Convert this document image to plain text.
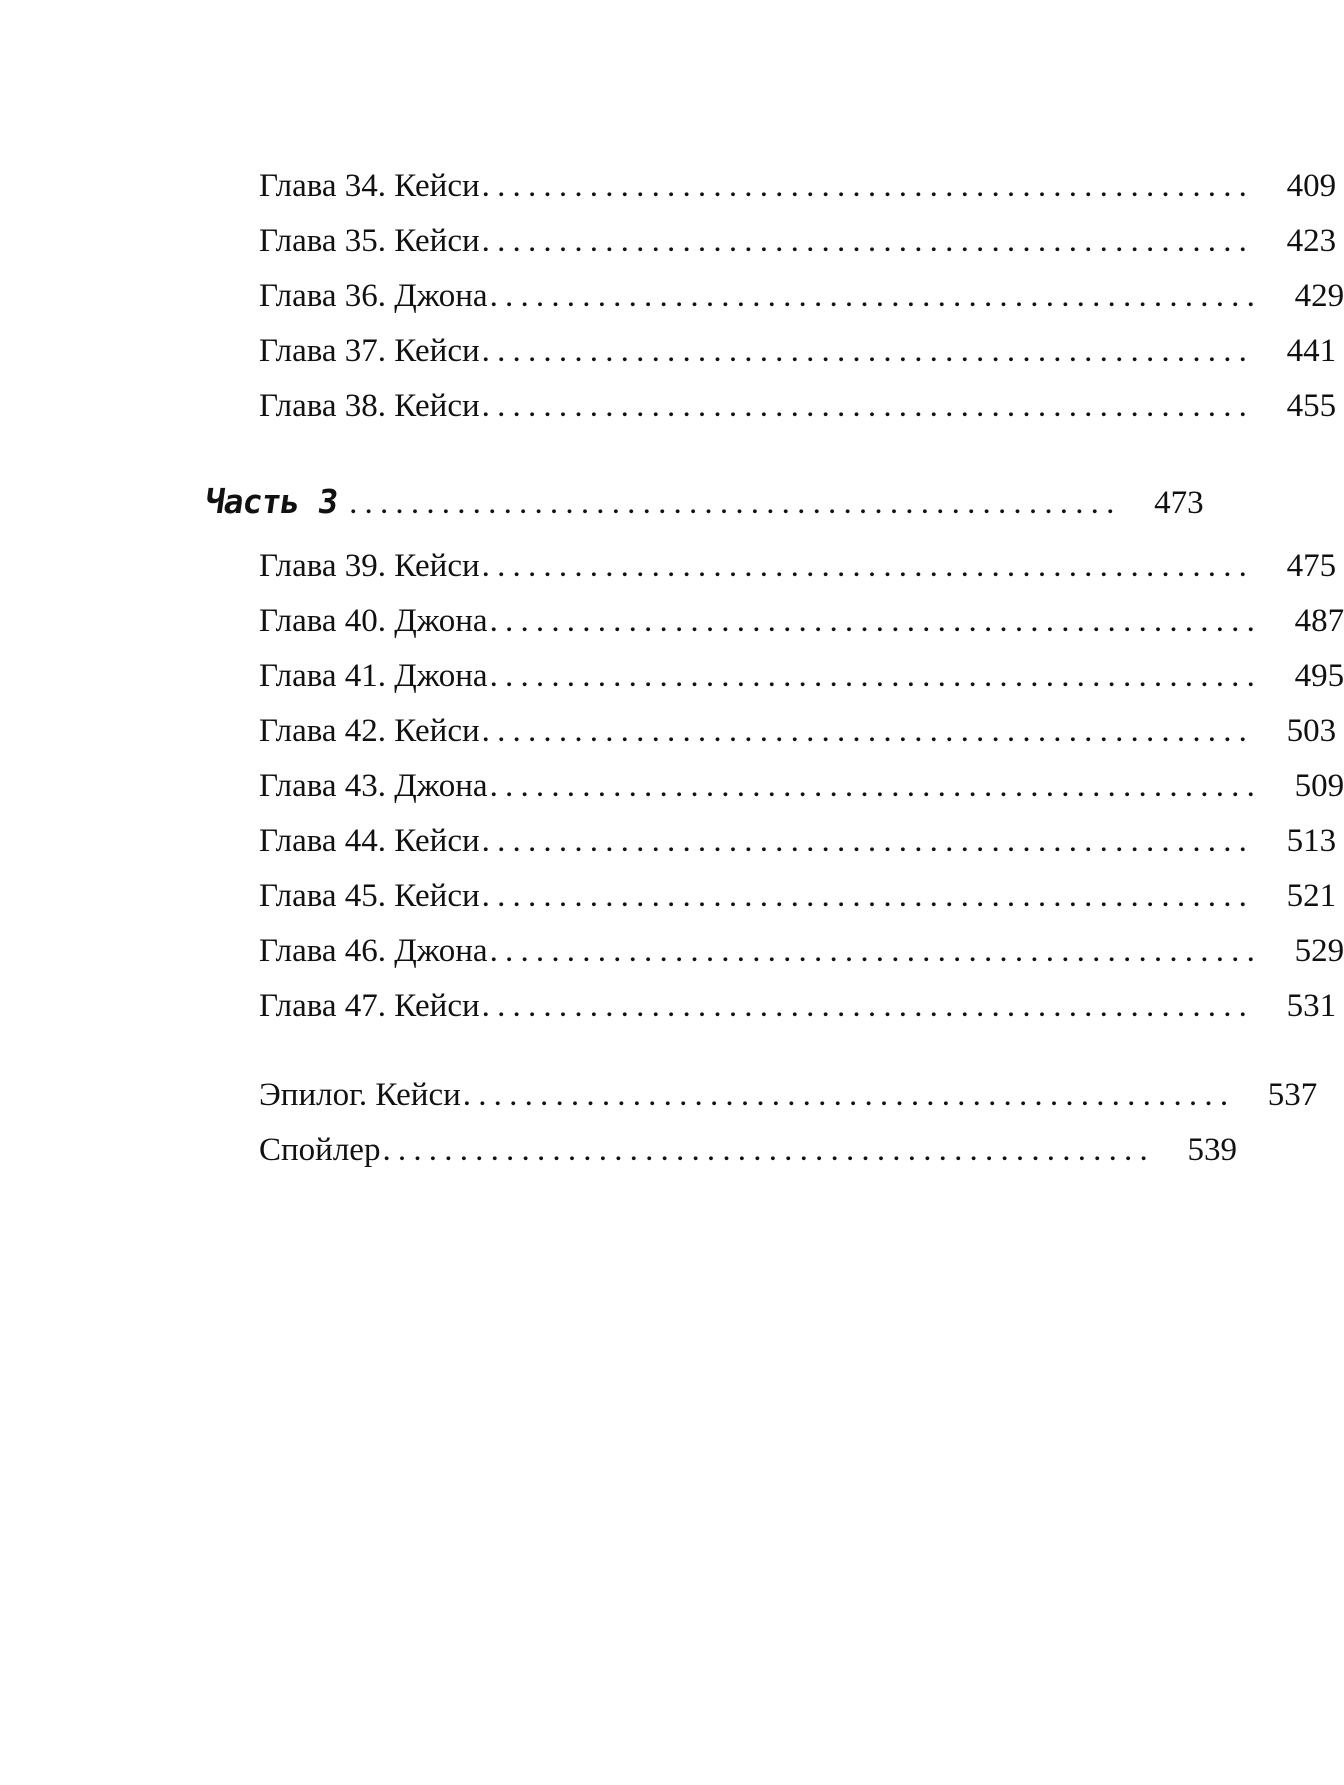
Глава 34. Кейси .................................................. 409
Глава 35. Кейси .................................................. 423
Глава 36. Джона .................................................. 429
Глава 37. Кейси .................................................. 441
Глава 38. Кейси .................................................. 455
Часть 3 .................................................. 473
Глава 39. Кейси .................................................. 475
Глава 40. Джона .................................................. 487
Глава 41. Джона .................................................. 495
Глава 42. Кейси .................................................. 503
Глава 43. Джона .................................................. 509
Глава 44. Кейси .................................................. 513
Глава 45. Кейси .................................................. 521
Глава 46. Джона .................................................. 529
Глава 47. Кейси .................................................. 531
Эпилог. Кейси .................................................. 537
Спойлер .................................................. 539
